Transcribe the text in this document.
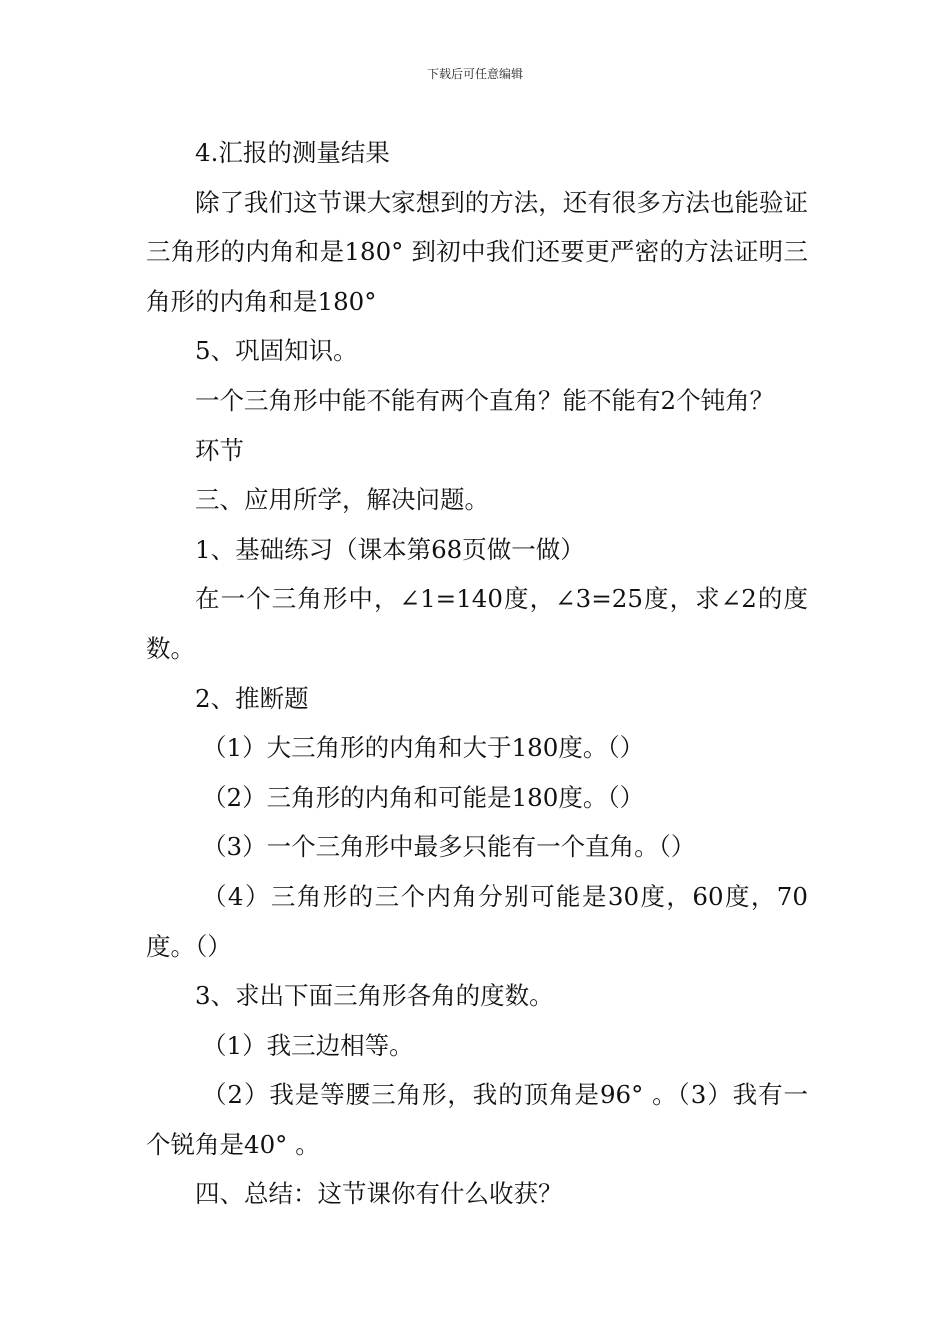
下载后可任意编辑

4.汇报的测量结果

除了我们这节课大家想到的方法，还有很多方法也能验证三角形的内角和是180° 到初中我们还要更严密的方法证明三角形的内角和是180°

5、巩固知识。

一个三角形中能不能有两个直角？能不能有2个钝角？

环节

三、应用所学，解决问题。

1、基础练习（课本第68页做一做）

在一个三角形中，∠1=140度，∠3=25度，求∠2的度数。

2、推断题

（1）大三角形的内角和大于180度。（）

（2）三角形的内角和可能是180度。（）

（3）一个三角形中最多只能有一个直角。（）

（4）三角形的三个内角分别可能是30度，60度，70度。（）

3、求出下面三角形各角的度数。

（1）我三边相等。

（2）我是等腰三角形，我的顶角是96° 。（3）我有一个锐角是40° 。

四、总结：这节课你有什么收获？
